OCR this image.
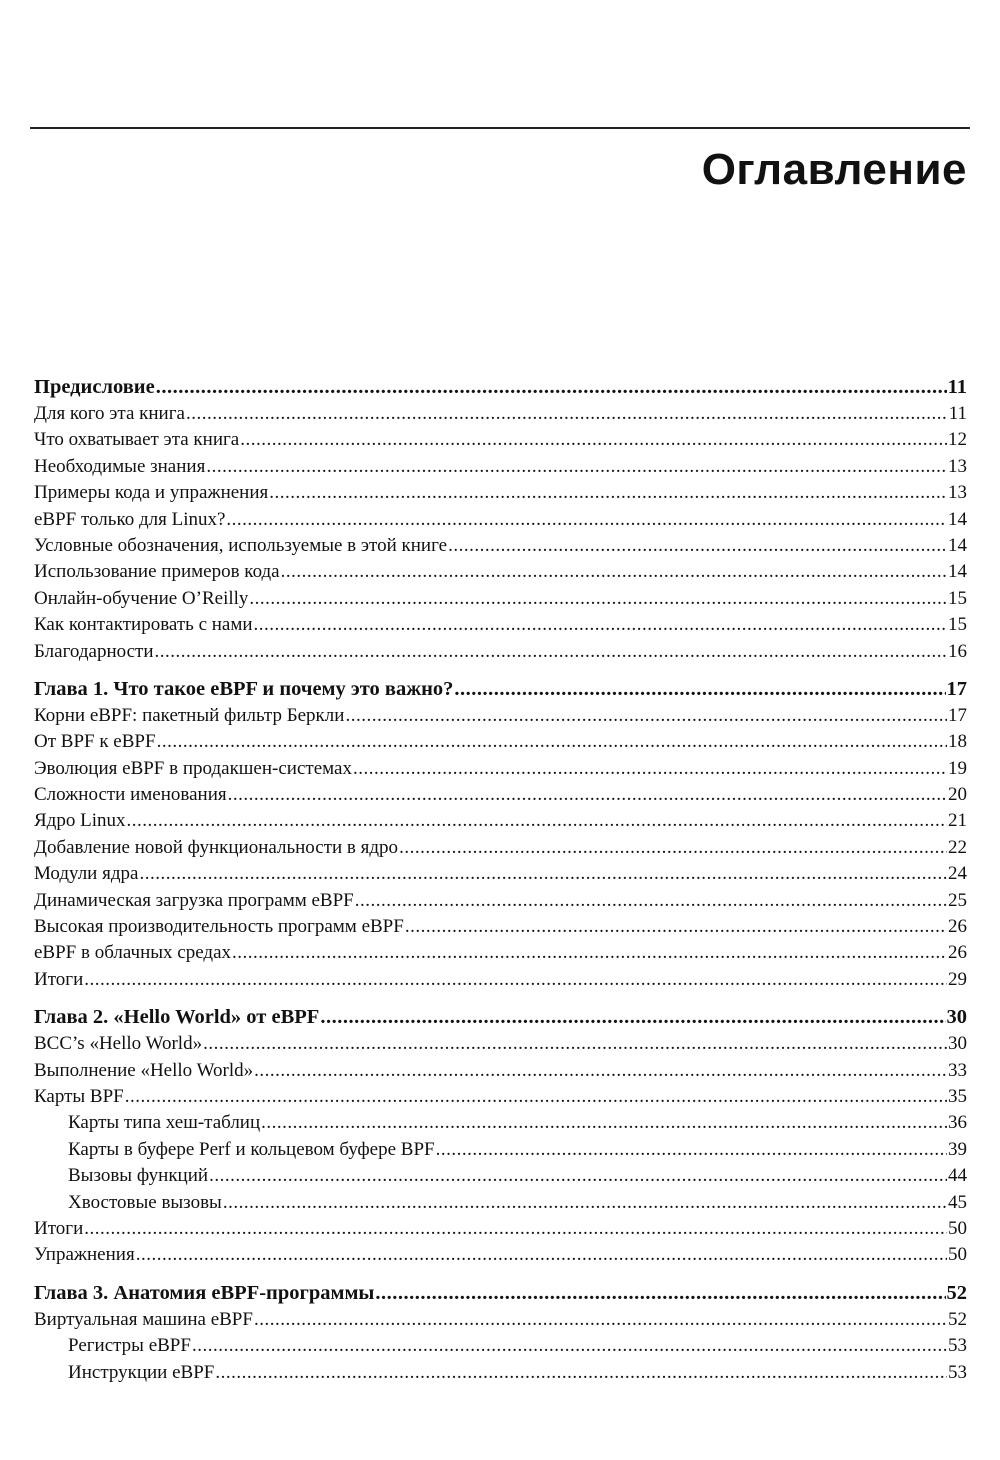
Оглавление
Предисловие .....	11
Для кого эта книга .....	11
Что охватывает эта книга .....	12
Необходимые знания .....	13
Примеры кода и упражнения .....	13
eBPF только для Linux? .....	14
Условные обозначения, используемые в этой книге .....	14
Использование примеров кода .....	14
Онлайн-обучение O’Reilly .....	15
Как контактировать с нами .....	15
Благодарности .....	16
Глава 1. Что такое eBPF и почему это важно? .....	17
Корни eBPF: пакетный фильтр Беркли .....	17
От BPF к eBPF .....	18
Эволюция eBPF в продакшен-системах .....	19
Сложности именования .....	20
Ядро Linux .....	21
Добавление новой функциональности в ядро .....	22
Модули ядра .....	24
Динамическая загрузка программ eBPF .....	25
Высокая производительность программ eBPF .....	26
eBPF в облачных средах .....	26
Итоги .....	29
Глава 2. «Hello World» от eBPF .....	30
BCC’s «Hello World» .....	30
Выполнение «Hello World» .....	33
Карты BPF .....	35
Карты типа хеш-таблиц .....	36
Карты в буфере Perf и кольцевом буфере BPF .....	39
Вызовы функций .....	44
Хвостовые вызовы .....	45
Итоги .....	50
Упражнения .....	50
Глава 3. Анатомия eBPF-программы .....	52
Виртуальная машина eBPF .....	52
Регистры eBPF .....	53
Инструкции eBPF .....	53
